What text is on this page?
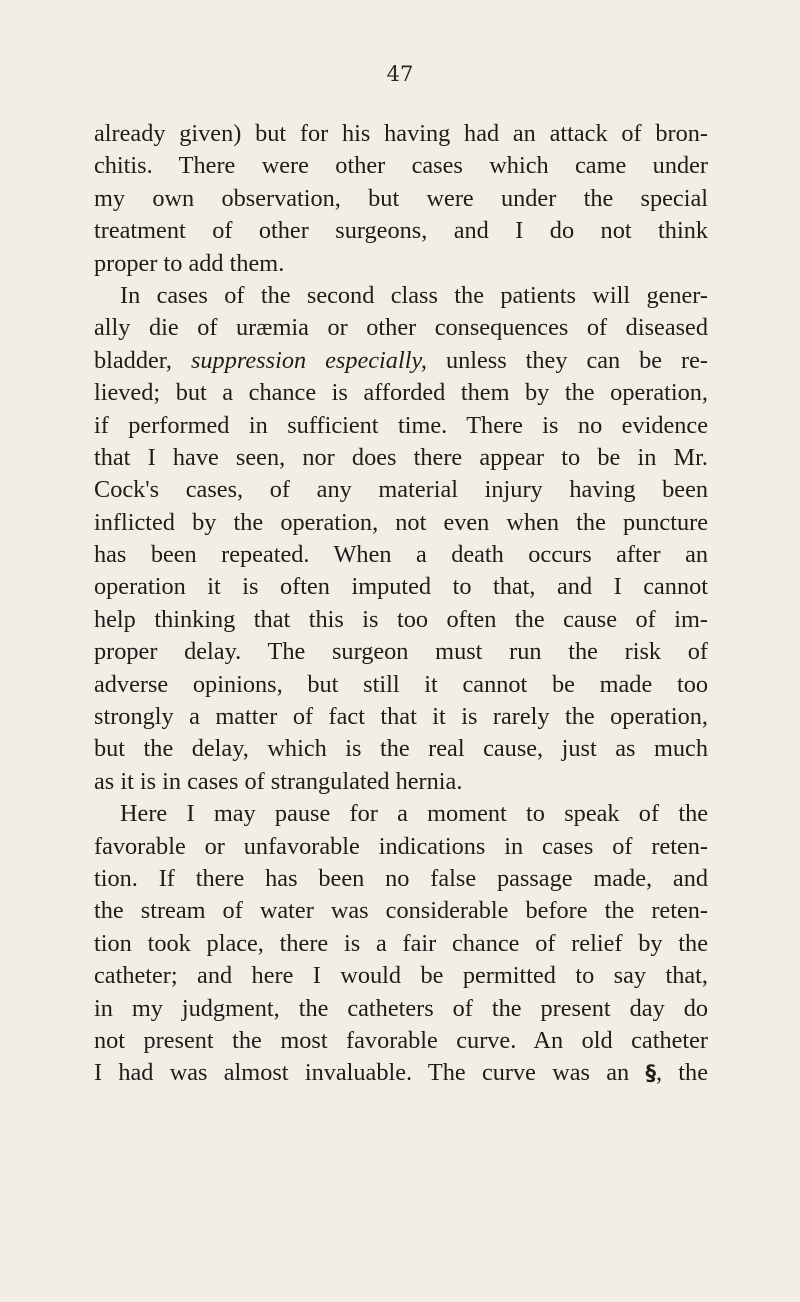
47
already given) but for his having had an attack of bron-
chitis. There were other cases which came under
my own observation, but were under the special
treatment of other surgeons, and I do not think
proper to add them.
In cases of the second class the patients will gener-
ally die of uræmia or other consequences of diseased
bladder, suppression especially, unless they can be re-
lieved; but a chance is afforded them by the operation,
if performed in sufficient time. There is no evidence
that I have seen, nor does there appear to be in Mr.
Cock's cases, of any material injury having been
inflicted by the operation, not even when the puncture
has been repeated. When a death occurs after an
operation it is often imputed to that, and I cannot
help thinking that this is too often the cause of im-
proper delay. The surgeon must run the risk of
adverse opinions, but still it cannot be made too
strongly a matter of fact that it is rarely the operation,
but the delay, which is the real cause, just as much
as it is in cases of strangulated hernia.
Here I may pause for a moment to speak of the
favorable or unfavorable indications in cases of reten-
tion. If there has been no false passage made, and
the stream of water was considerable before the reten-
tion took place, there is a fair chance of relief by the
catheter; and here I would be permitted to say that,
in my judgment, the catheters of the present day do
not present the most favorable curve. An old catheter
I had was almost invaluable. The curve was an §, the
